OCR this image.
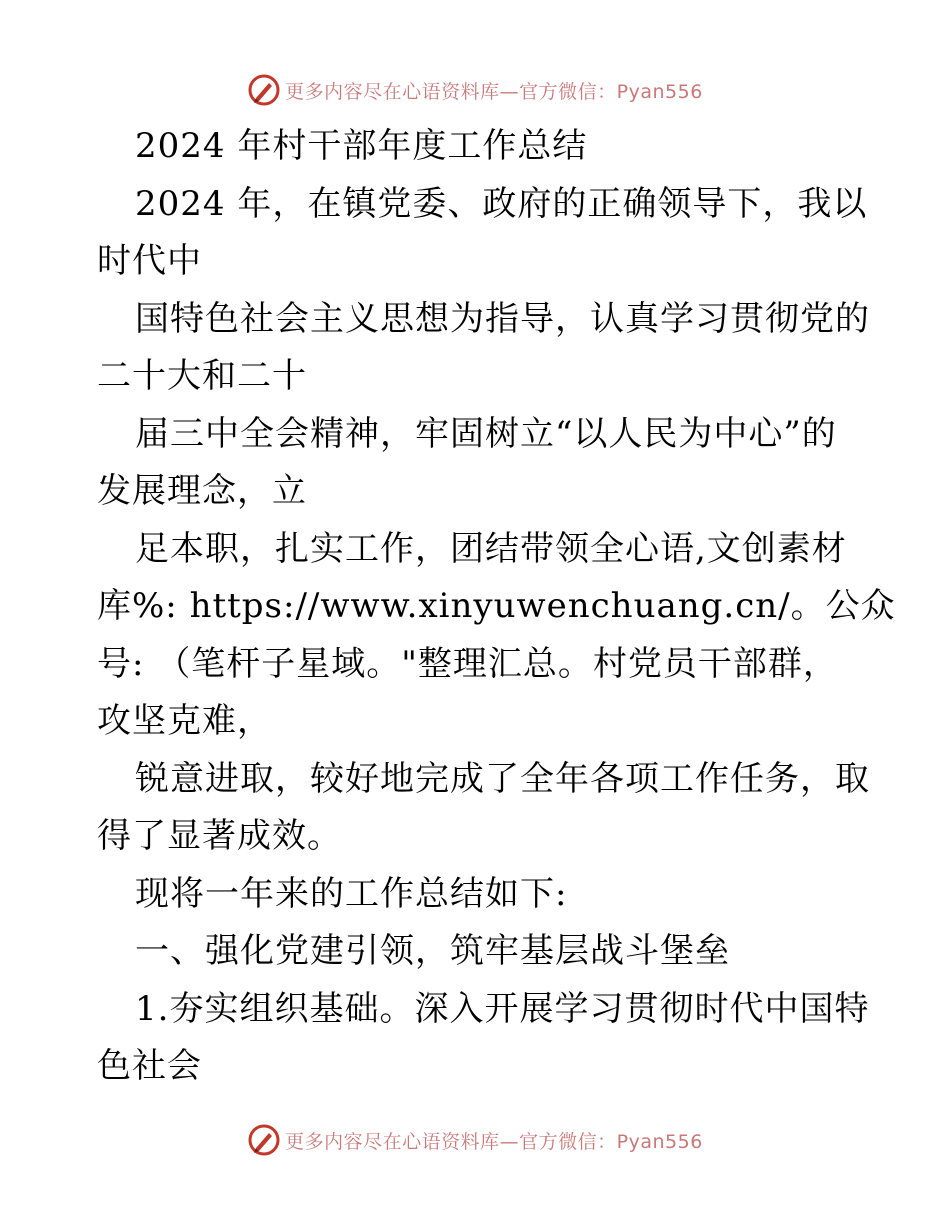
更多内容尽在心语资料库—官方微信：Pyan556
2024 年村干部年度工作总结
2024 年，在镇党委、政府的正确领导下，我以
时代中
国特色社会主义思想为指导，认真学习贯彻党的
二十大和二十
届三中全会精神，牢固树立“以人民为中心”的
发展理念，立
足本职，扎实工作，团结带领全心语,文创素材
库%: https://www.xinyuwenchuang.cn/。公众
号: （笔杆子星域。"整理汇总。村党员干部群，
攻坚克难，
锐意进取，较好地完成了全年各项工作任务，取
得了显著成效。
现将一年来的工作总结如下:
一、强化党建引领，筑牢基层战斗堡垒
1.夯实组织基础。深入开展学习贯彻时代中国特
色社会
更多内容尽在心语资料库—官方微信：Pyan556
